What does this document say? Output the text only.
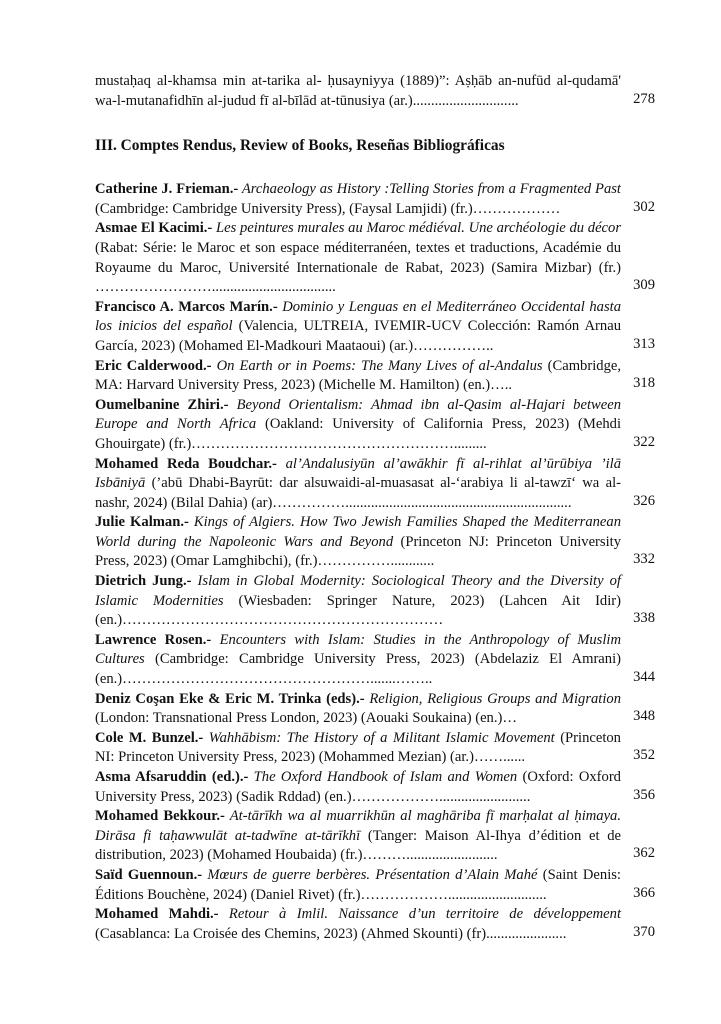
mustaḥaq al-khamsa min at-tarika al- ḥusayniyya (1889)”: Aṣḥāb an-nufūd al-qudamā' wa-l-mutanafidhīn al-judud fī al-bīlād at-tūnusiya (ar.).............................	278
III. Comptes Rendus, Review of Books, Reseñas Bibliográficas
Catherine J. Frieman.- Archaeology as History :Telling Stories from a Fragmented Past (Cambridge: Cambridge University Press), (Faysal Lamjidi) (fr.)………………	302
Asmae El Kacimi.- Les peintures murales au Maroc médiéval. Une archéologie du décor (Rabat: Série: le Maroc et son espace méditerranéen, textes et traductions, Académie du Royaume du Maroc, Université Internationale de Rabat, 2023) (Samira Mizbar) (fr.) ……………………..................................	309
Francisco A. Marcos Marín.- Dominio y Lenguas en el Mediterráneo Occidental hasta los inicios del español (Valencia, ULTREIA, IVEMIR-UCV Colección: Ramón Arnau García, 2023) (Mohamed El-Madkouri Maataoui) (ar.)……………..	313
Eric Calderwood.- On Earth or in Poems: The Many Lives of al-Andalus (Cambridge, MA: Harvard University Press, 2023) (Michelle M. Hamilton) (en.)…..	318
Oumelbanine Zhiri.- Beyond Orientalism: Ahmad ibn al-Qasim al-Hajari between Europe and North Africa (Oakland: University of California Press, 2023) (Mehdi Ghouirgate) (fr.)……………………………………………….........	322
Mohamed Reda Boudchar.- al’Andalusiyūn al’awākhir fī al-rihlat al’ūrūbiya ’ilā Isbāniyā (’abū Dhabi-Bayrūt: dar alsuwaidi-al-muasasat al-‘arabiya li al-tawzī‘ wa al-nashr, 2024) (Bilal Dahia) (ar)……………..............................................................	326
Julie Kalman.- Kings of Algiers. How Two Jewish Families Shaped the Mediterranean World during the Napoleonic Wars and Beyond (Princeton NJ: Princeton University Press, 2023) (Omar Lamghibchi), (fr.)……………............	332
Dietrich Jung.- Islam in Global Modernity: Sociological Theory and the Diversity of Islamic Modernities (Wiesbaden: Springer Nature, 2023) (Lahcen Ait Idir) (en.)…………………………………………………………	338
Lawrence Rosen.- Encounters with Islam: Studies in the Anthropology of Muslim Cultures (Cambridge: Cambridge University Press, 2023) (Abdelaziz El Amrani) (en.)…………………………………………….......……..	344
Deniz Coşan Eke & Eric M. Trinka (eds).- Religion, Religious Groups and Migration (London: Transnational Press London, 2023) (Aouaki Soukaina) (en.)…	348
Cole M. Bunzel.- Wahhābism: The History of a Militant Islamic Movement (Princeton NI: Princeton University Press, 2023) (Mohammed Mezian) (ar.)……......	352
Asma Afsaruddin (ed.).- The Oxford Handbook of Islam and Women (Oxford: Oxford University Press, 2023) (Sadik Rddad) (en.)……………….........................	356
Mohamed Bekkour.- At-tārīkh wa al muarrikhūn al maghāriba fī marḥalat al ḥimaya. Dirāsa fi taḥawwulāt at-tadwīne at-tārīkhī (Tanger: Maison Al-Ihya d’édition et de distribution, 2023) (Mohamed Houbaida) (fr.)……….........................	362
Saïd Guennoun.- Mœurs de guerre berbères. Présentation d’Alain Mahé (Saint Denis: Éditions Bouchène, 2024) (Daniel Rivet) (fr.)………………...........................	366
Mohamed Mahdi.- Retour à Imlil. Naissance d’un territoire de développement (Casablanca: La Croisée des Chemins, 2023) (Ahmed Skounti) (fr)......................	370
